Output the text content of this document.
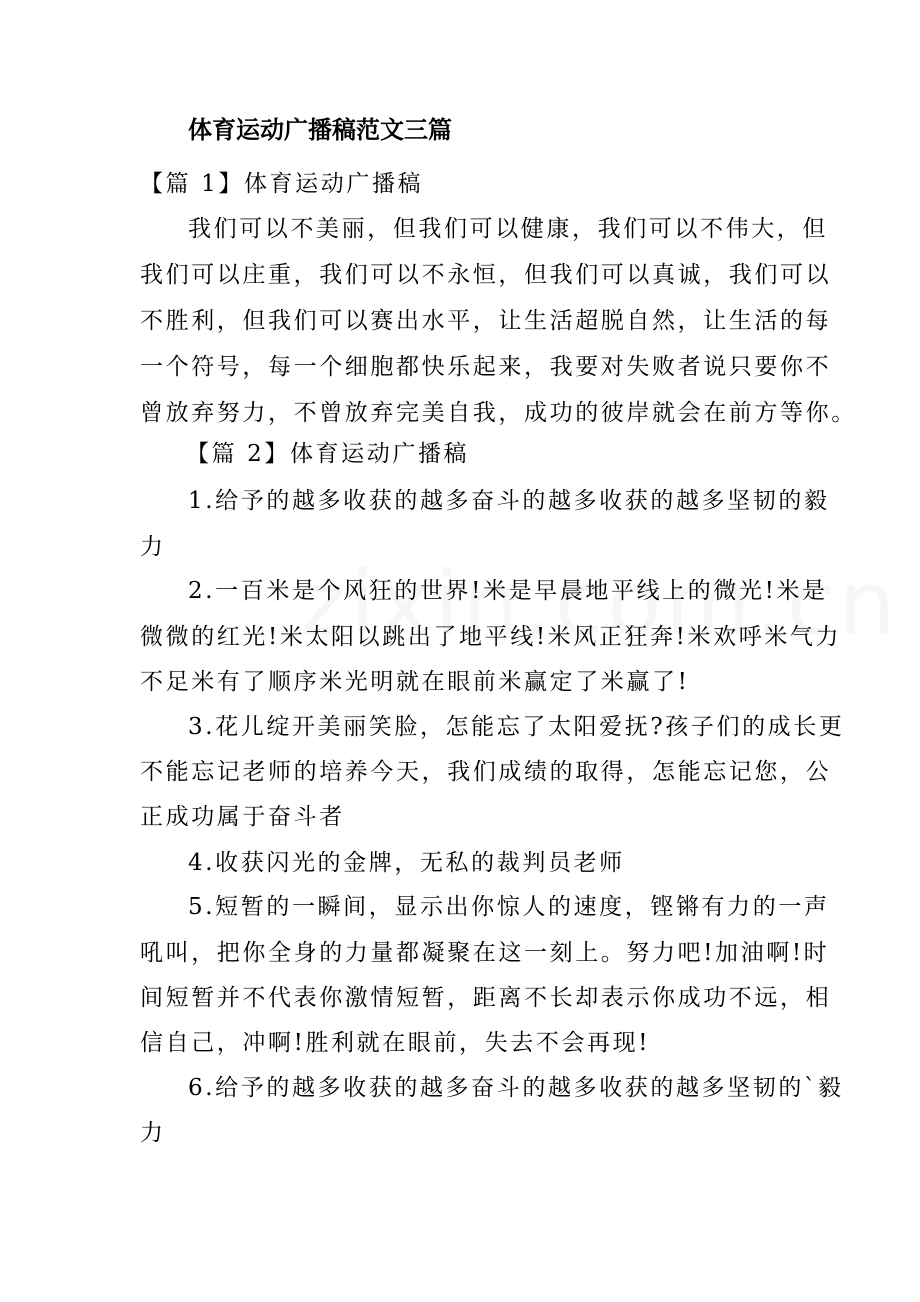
体育运动广播稿范文三篇
【篇 1】体育运动广播稿
我们可以不美丽，但我们可以健康，我们可以不伟大，但
我们可以庄重，我们可以不永恒，但我们可以真诚，我们可以
不胜利，但我们可以赛出水平，让生活超脱自然，让生活的每
一个符号，每一个细胞都快乐起来，我要对失败者说只要你不
曾放弃努力，不曾放弃完美自我，成功的彼岸就会在前方等你。
【篇 2】体育运动广播稿
1.给予的越多收获的越多奋斗的越多收获的越多坚韧的毅
力
2.一百米是个风狂的世界!米是早晨地平线上的微光!米是
微微的红光!米太阳以跳出了地平线!米风正狂奔!米欢呼米气力
不足米有了顺序米光明就在眼前米赢定了米赢了!
3.花儿绽开美丽笑脸，怎能忘了太阳爱抚?孩子们的成长更
不能忘记老师的培养今天，我们成绩的取得，怎能忘记您，公
正成功属于奋斗者
4.收获闪光的金牌，无私的裁判员老师
5.短暂的一瞬间，显示出你惊人的速度，铿锵有力的一声
吼叫，把你全身的力量都凝聚在这一刻上。努力吧!加油啊!时
间短暂并不代表你激情短暂，距离不长却表示你成功不远，相
信自己，冲啊!胜利就在眼前，失去不会再现!
6.给予的越多收获的越多奋斗的越多收获的越多坚韧的`毅
力
